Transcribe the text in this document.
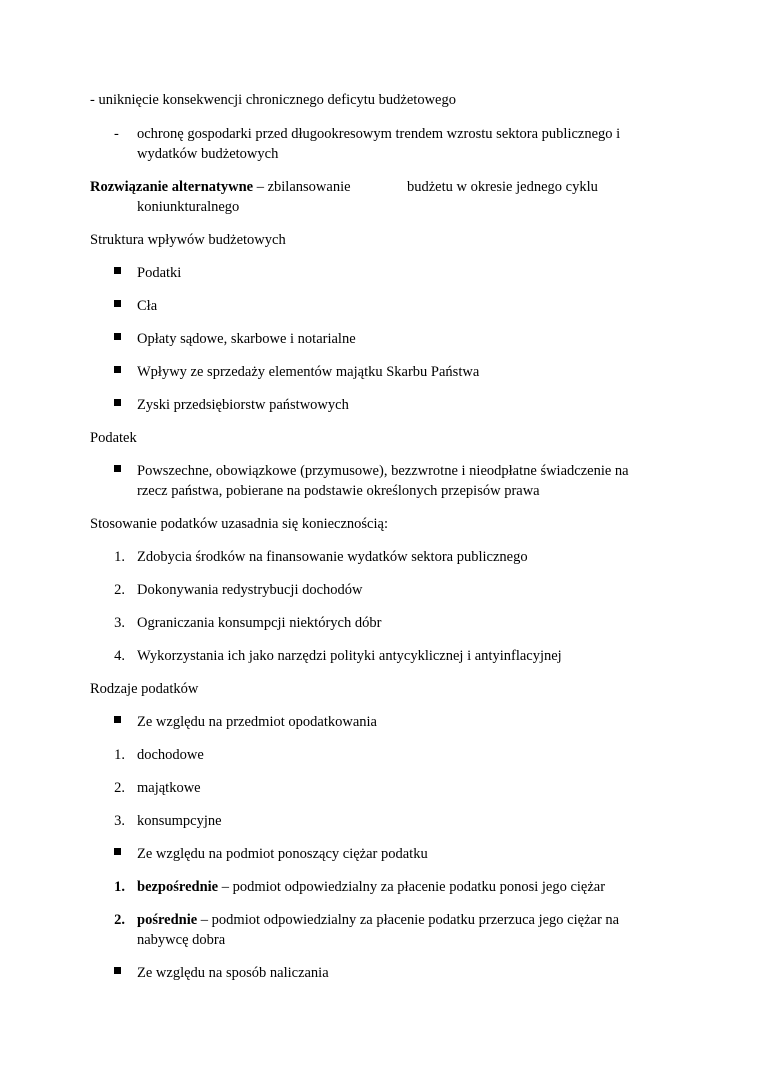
- uniknięcie konsekwencji chronicznego deficytu budżetowego
- ochronę gospodarki przed długookresowym trendem wzrostu sektora publicznego i
wydatków budżetowych
Rozwiązanie alternatywne – zbilansowanie	budżetu w okresie jednego cyklu
koniunkturalnego
Struktura wpływów budżetowych
Podatki
Cła
Opłaty sądowe, skarbowe i notarialne
Wpływy ze sprzedaży elementów majątku Skarbu Państwa
Zyski przedsiębiorstw państwowych
Podatek
Powszechne, obowiązkowe (przymusowe), bezzwrotne i nieodpłatne świadczenie na
rzecz państwa, pobierane na podstawie określonych przepisów prawa
Stosowanie podatków uzasadnia się koniecznością:
1. Zdobycia środków na finansowanie wydatków sektora publicznego
2. Dokonywania redystrybucji dochodów
3. Ograniczania konsumpcji niektórych dóbr
4. Wykorzystania ich jako narzędzi polityki antycyklicznej i antyinflacyjnej
Rodzaje podatków
Ze względu na przedmiot opodatkowania
1. dochodowe
2. majątkowe
3. konsumpcyjne
Ze względu na podmiot ponoszący ciężar podatku
1. bezpośrednie – podmiot odpowiedzialny za płacenie podatku ponosi jego ciężar
2. pośrednie – podmiot odpowiedzialny za płacenie podatku przerzuca jego ciężar na
nabywcę dobra
Ze względu na sposób naliczania
